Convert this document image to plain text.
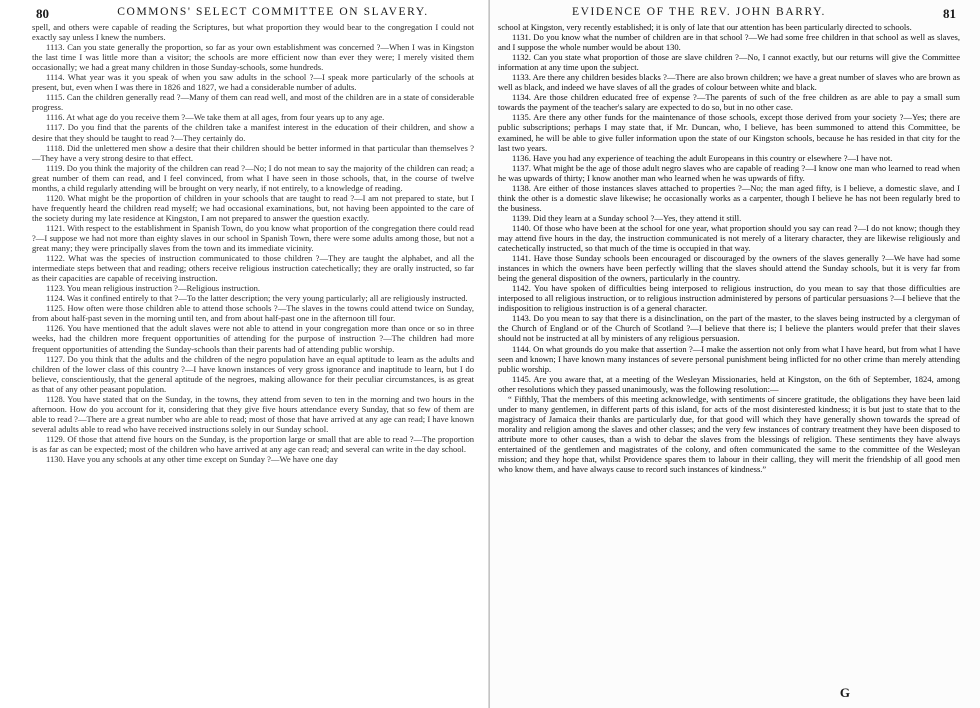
80	COMMONS' SELECT COMMITTEE ON SLAVERY.

spell, and others were capable of reading the Scriptures, but what proportion they would bear to the congregation I could not exactly say unless I knew the numbers.

1113. Can you state generally the proportion, so far as your own establishment was concerned ?—When I was in Kingston the last time I was little more than a visitor; the schools are more efficient now than ever they were; I merely visited them occasionally; we had a great many children in those Sunday-schools, some hundreds.

1114. What year was it you speak of when you saw adults in the school ?—I speak more particularly of the schools at present, but, even when I was there in 1826 and 1827, we had a considerable number of adults.

1115. Can the children generally read ?—Many of them can read well, and most of the children are in a state of considerable progress.

1116. At what age do you receive them ?—We take them at all ages, from four years up to any age.

1117. Do you find that the parents of the children take a manifest interest in the education of their children, and show a desire that they should be taught to read ?—They certainly do.

1118. Did the unlettered men show a desire that their children should be better informed in that particular than themselves ?—They have a very strong desire to that effect.

1119. Do you think the majority of the children can read ?—No; I do not mean to say the majority of the children can read; a great number of them can read, and I feel convinced, from what I have seen in those schools, that, in the course of twelve months, a child regularly attending will be brought on very nearly, if not entirely, to a knowledge of reading.

1120. What might be the proportion of children in your schools that are taught to read ?—I am not prepared to state, but I have frequently heard the children read myself; we had occasional examinations, but, not having been appointed to the care of the society during my late residence at Kingston, I am not prepared to answer the question exactly.

1121. With respect to the establishment in Spanish Town, do you know what proportion of the congregation there could read ?—I suppose we had not more than eighty slaves in our school in Spanish Town, there were some adults among those, but not a great many; they were principally slaves from the town and its immediate vicinity.

1122. What was the species of instruction communicated to those children ?—They are taught the alphabet, and all the intermediate steps between that and reading; others receive religious instruction catechetically; they are orally instructed, so far as their capacities are capable of receiving instruction.

1123. You mean religious instruction ?—Religious instruction.

1124. Was it confined entirely to that ?—To the latter description; the very young particularly; all are religiously instructed.

1125. How often were those children able to attend those schools ?—The slaves in the towns could attend twice on Sunday, from about half-past seven in the morning until ten, and from about half-past one in the afternoon till four.

1126. You have mentioned that the adult slaves were not able to attend in your congregation more than once or so in three weeks, had the children more frequent opportunities of attending for the purpose of instruction ?—The children had more frequent opportunities of attending the Sunday-schools than their parents had of attending public worship.

1127. Do you think that the adults and the children of the negro population have an equal aptitude to learn as the adults and children of the lower class of this country ?—I have known instances of very gross ignorance and inaptitude to learn, but I do believe, conscientiously, that the general aptitude of the negroes, making allowance for their peculiar circumstances, is as great as that of any other peasant population.

1128. You have stated that on the Sunday, in the towns, they attend from seven to ten in the morning and two hours in the afternoon. How do you account for it, considering that they give five hours attendance every Sunday, that so few of them are able to read ?—There are a great number who are able to read; most of those that have arrived at any age can read; I have known several adults able to read who have received instructions solely in our Sunday school.

1129. Of those that attend five hours on the Sunday, is the proportion large or small that are able to read ?—The proportion is as far as can be expected; most of the children who have arrived at any age can read; and several can write in the day school.

1130. Have you any schools at any other time except on Sunday ?—We have one day

EVIDENCE OF THE REV. JOHN BARRY.	81

school at Kingston, very recently established; it is only of late that our attention has been particularly directed to schools.

1131. Do you know what the number of children are in that school ?—We had some free children in that school as well as slaves, and I suppose the whole number would be about 130.

1132. Can you state what proportion of those are slave children ?—No, I cannot exactly, but our returns will give the Committee information at any time upon the subject.

1133. Are there any children besides blacks ?—There are also brown children; we have a great number of slaves who are brown as well as black, and indeed we have slaves of all the grades of colour between white and black.

1134. Are those children educated free of expense ?—The parents of such of the free children as are able to pay a small sum towards the payment of the teacher's salary are expected to do so, but in no other case.

1135. Are there any other funds for the maintenance of those schools, except those derived from your society ?—Yes; there are public subscriptions; perhaps I may state that, if Mr. Duncan, who, I believe, has been summoned to attend this Committee, be examined, he will be able to give fuller information upon the state of our Kingston schools, because he has resided in that city for the last two years.

1136. Have you had any experience of teaching the adult Europeans in this country or elsewhere ?—I have not.

1137. What might be the age of those adult negro slaves who are capable of reading ?—I know one man who learned to read when he was upwards of thirty; I know another man who learned when he was upwards of fifty.

1138. Are either of those instances slaves attached to properties ?—No; the man aged fifty, is I believe, a domestic slave, and I think the other is a domestic slave likewise; he occasionally works as a carpenter, though I believe he has not been regularly bred to the business.

1139. Did they learn at a Sunday school ?—Yes, they attend it still.

1140. Of those who have been at the school for one year, what proportion should you say can read ?—I do not know; though they may attend five hours in the day, the instruction communicated is not merely of a literary character, they are likewise religiously and catechetically instructed, so that much of the time is occupied in that way.

1141. Have those Sunday schools been encouraged or discouraged by the owners of the slaves generally ?—We have had some instances in which the owners have been perfectly willing that the slaves should attend the Sunday schools, but it is very far from being the general disposition of the owners, particularly in the country.

1142. You have spoken of difficulties being interposed to religious instruction, do you mean to say that those difficulties are interposed to all religious instruction, or to religious instruction administered by persons of particular persuasions ?—I believe that the indisposition to religious instruction is of a general character.

1143. Do you mean to say that there is a disinclination, on the part of the master, to the slaves being instructed by a clergyman of the Church of England or of the Church of Scotland ?—I believe that there is; I believe the planters would prefer that their slaves should not be instructed at all by ministers of any religious persuasion.

1144. On what grounds do you make that assertion ?—I make the assertion not only from what I have heard, but from what I have seen and known; I have known many instances of severe personal punishment being inflicted for no other crime than merely attending public worship.

1145. Are you aware that, at a meeting of the Wesleyan Missionaries, held at Kingston, on the 6th of September, 1824, among other resolutions which they passed unanimously, was the following resolution:—

“ Fifthly, That the members of this meeting acknowledge, with sentiments of sincere gratitude, the obligations they have been laid under to many gentlemen, in different parts of this island, for acts of the most disinterested kindness; it is but just to state that to the magistracy of Jamaica their thanks are particularly due, for that good will which they have generally shown towards the spread of morality and religion among the slaves and other classes; and the very few instances of contrary treatment they have been disposed to attribute more to other causes, than a wish to debar the slaves from the blessings of religion. These sentiments they have always entertained of the gentlemen and magistrates of the colony, and often communicated the same to the committee of the Wesleyan mission; and they hope that, whilst Providence spares them to labour in their calling, they will merit the friendship of all good men who know them, and have always cause to record such instances of kindness.”

G
